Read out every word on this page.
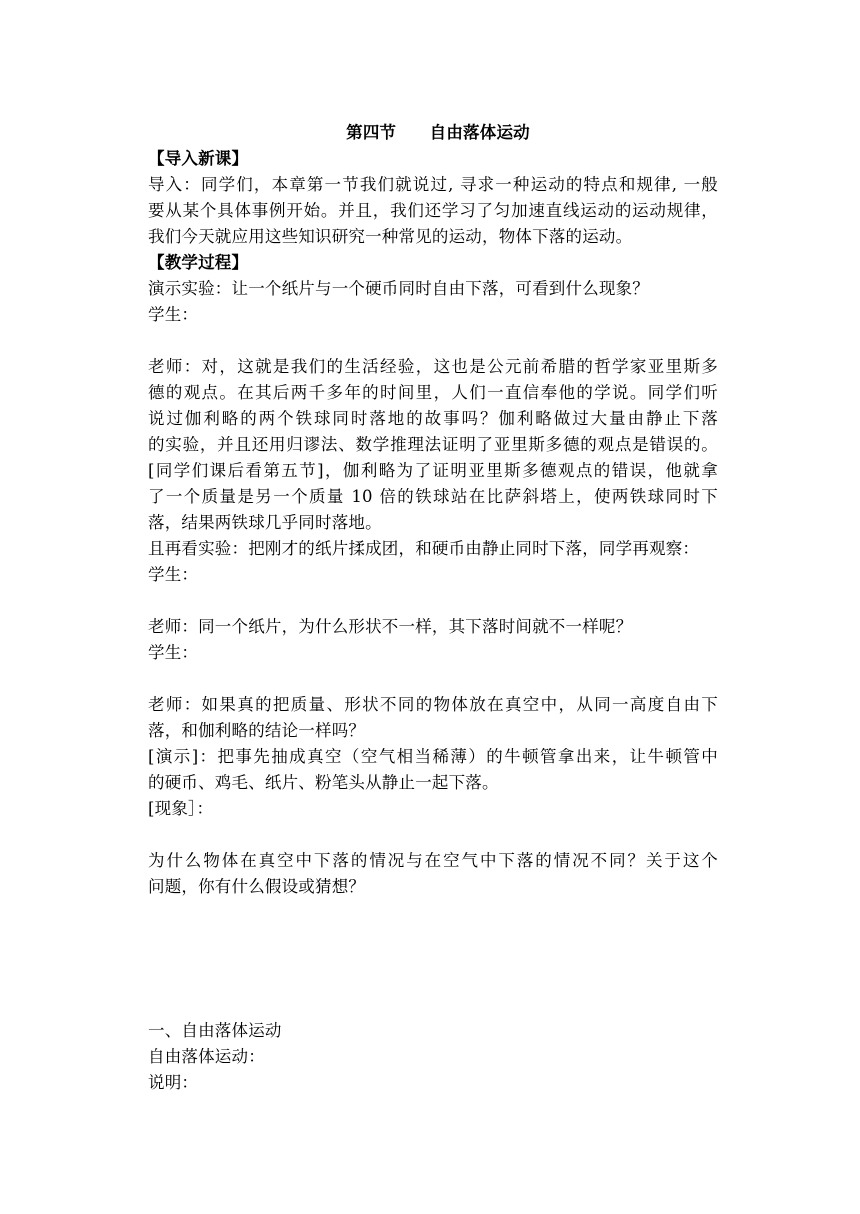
第四节　　自由落体运动
【导入新课】
导入：同学们，本章第一节我们就说过, 寻求一种运动的特点和规律, 一般
要从某个具体事例开始。并且，我们还学习了匀加速直线运动的运动规律，
我们今天就应用这些知识研究一种常见的运动，物体下落的运动。
【教学过程】
演示实验：让一个纸片与一个硬币同时自由下落，可看到什么现象？
学生：
老师：对，这就是我们的生活经验，这也是公元前希腊的哲学家亚里斯多
德的观点。在其后两千多年的时间里，人们一直信奉他的学说。同学们听
说过伽利略的两个铁球同时落地的故事吗？伽利略做过大量由静止下落
的实验，并且还用归谬法、数学推理法证明了亚里斯多德的观点是错误的。
[同学们课后看第五节]，伽利略为了证明亚里斯多德观点的错误，他就拿
了一个质量是另一个质量 10 倍的铁球站在比萨斜塔上，使两铁球同时下
落，结果两铁球几乎同时落地。
且再看实验：把刚才的纸片揉成团，和硬币由静止同时下落，同学再观察：
学生：
老师：同一个纸片，为什么形状不一样，其下落时间就不一样呢？
学生：
老师：如果真的把质量、形状不同的物体放在真空中，从同一高度自由下
落，和伽利略的结论一样吗？
[演示]：把事先抽成真空（空气相当稀薄）的牛顿管拿出来，让牛顿管中
的硬币、鸡毛、纸片、粉笔头从静止一起下落。
[现象］：
为什么物体在真空中下落的情况与在空气中下落的情况不同？关于这个
问题，你有什么假设或猜想？
一、自由落体运动
自由落体运动：
说明：
